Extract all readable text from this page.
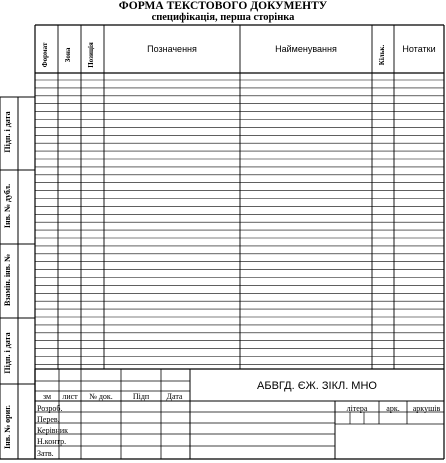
ФОРМА ТЕКСТОВОГО ДОКУМЕНТУ
специфікація, перша сторінка
Формат Зона Позиція	Позначення	Найменування	Кільк.	Нотатки
Підп. і дата
Інв. № дубл.
Взамін. інв. №
Підп. і дата
Інв. № ориг.
АБВГД. ЄЖ. ЗІКЛ. МНО
зм	лист	№ док.	Підп	Дата
Розроб.
Перев.
Керівник
Н.контр.
Затв.
літера	арк.	аркушів
